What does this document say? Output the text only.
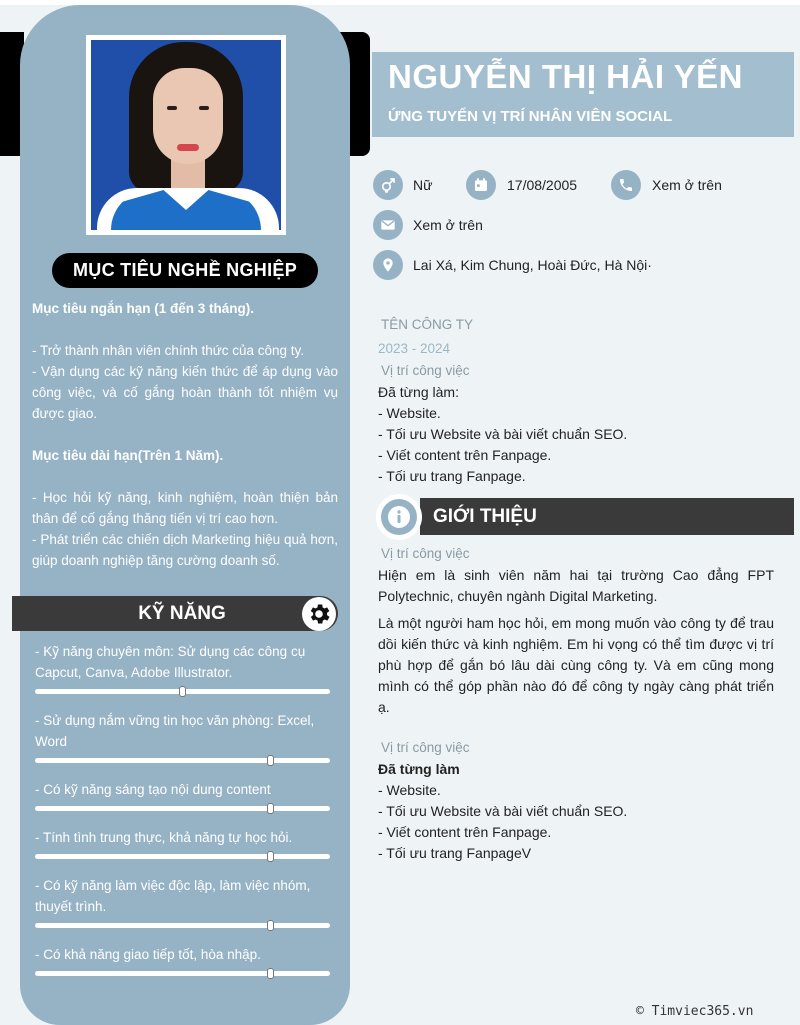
MỤC TIÊU NGHỀ NGHIỆP
Mục tiêu ngắn hạn (1 đến 3 tháng).
- Trở thành nhân viên chính thức của công ty.
- Vận dụng các kỹ năng kiến thức để áp dụng vào công việc, và cố gắng hoàn thành tốt nhiệm vụ được giao.
Mục tiêu dài hạn(Trên 1 Năm).
- Học hỏi kỹ năng, kinh nghiệm, hoàn thiện bản thân để cố gắng thăng tiến vị trí cao hơn.
- Phát triển các chiến dịch Marketing hiệu quả hơn, giúp doanh nghiệp tăng cường doanh số.
KỸ NĂNG
- Kỹ năng chuyên môn: Sử dụng các công cụ Capcut, Canva, Adobe Illustrator.
- Sử dụng nắm vững tin học văn phòng: Excel, Word
- Có kỹ năng sáng tạo nội dung content
- Tính tình trung thực, khả năng tự học hỏi.
- Có kỹ năng làm việc độc lập, làm việc nhóm, thuyết trình.
- Có khả năng giao tiếp tốt, hòa nhập.
NGUYỄN THỊ HẢI YẾN
ỨNG TUYỂN VỊ TRÍ NHÂN VIÊN SOCIAL
Nữ	17/08/2005	Xem ở trên
Xem ở trên
Lai Xá, Kim Chung, Hoài Đức, Hà Nội·
TÊN CÔNG TY
2023 - 2024
Vị trí công việc
Đã từng làm:
- Website.
- Tối ưu Website và bài viết chuẩn SEO.
- Viết content trên Fanpage.
- Tối ưu trang Fanpage.
GIỚI THIỆU
Vị trí công việc
Hiện em là sinh viên năm hai tại trường Cao đẳng FPT Polytechnic, chuyên ngành Digital Marketing.
Là một người ham học hỏi, em mong muốn vào công ty để trau dồi kiến thức và kinh nghiệm. Em hi vọng có thể tìm được vị trí phù hợp để gắn bó lâu dài cùng công ty. Và em cũng mong mình có thể góp phần nào đó để công ty ngày càng phát triển ạ.
Vị trí công việc
Đã từng làm
- Website.
- Tối ưu Website và bài viết chuẩn SEO.
- Viết content trên Fanpage.
- Tối ưu trang FanpageV
© Timviec365.vn
